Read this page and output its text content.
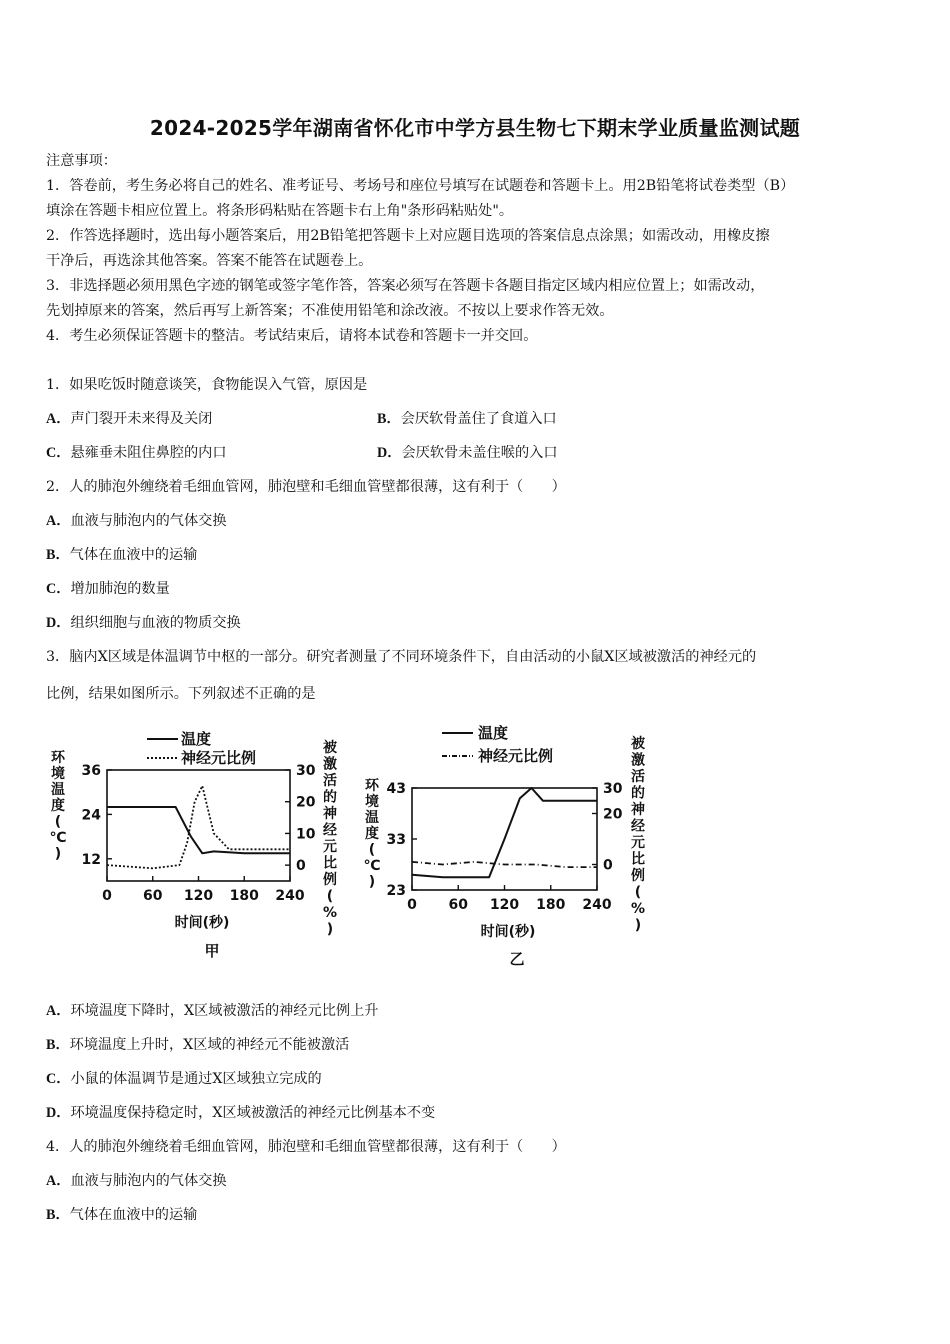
2024-2025学年湖南省怀化市中学方县生物七下期末学业质量监测试题
注意事项：
1．答卷前，考生务必将自己的姓名、准考证号、考场号和座位号填写在试题卷和答题卡上。用2B铅笔将试卷类型（B）
填涂在答题卡相应位置上。将条形码粘贴在答题卡右上角"条形码粘贴处"。
2．作答选择题时，选出每小题答案后，用2B铅笔把答题卡上对应题目选项的答案信息点涂黑；如需改动，用橡皮擦
干净后，再选涂其他答案。答案不能答在试题卷上。
3．非选择题必须用黑色字迹的钢笔或签字笔作答，答案必须写在答题卡各题目指定区域内相应位置上；如需改动，
先划掉原来的答案，然后再写上新答案；不准使用铅笔和涂改液。不按以上要求作答无效。
4．考生必须保证答题卡的整洁。考试结束后，请将本试卷和答题卡一并交回。
1．如果吃饭时随意谈笑，食物能误入气管，原因是
A．声门裂开未来得及关闭	B．会厌软骨盖住了食道入口
C．悬雍垂未阻住鼻腔的内口	D．会厌软骨未盖住喉的入口
2．人的肺泡外缠绕着毛细血管网，肺泡壁和毛细血管壁都很薄，这有利于（　　）
A．血液与肺泡内的气体交换
B．气体在血液中的运输
C．增加肺泡的数量
D．组织细胞与血液的物质交换
3．脑内X区域是体温调节中枢的一部分。研究者测量了不同环境条件下，自由活动的小鼠X区域被激活的神经元的
比例，结果如图所示。下列叙述不正确的是
温度
神经元比例
环
境
温
度
(
℃
)
被
激
活
的
神
经
元
比
例
(
%
)
36
24
12
30
20
10
0
0 60 120 180 240
时间(秒)
甲
温度
神经元比例
环
境
温
度
(
℃
)
被
激
活
的
神
经
元
比
例
(
%
)
43
33
23
30
20
0
0 60 120 180 240
时间(秒)
乙
A．环境温度下降时，X区域被激活的神经元比例上升
B．环境温度上升时，X区域的神经元不能被激活
C．小鼠的体温调节是通过X区域独立完成的
D．环境温度保持稳定时，X区域被激活的神经元比例基本不变
4．人的肺泡外缠绕着毛细血管网，肺泡壁和毛细血管壁都很薄，这有利于（　　）
A．血液与肺泡内的气体交换
B．气体在血液中的运输
